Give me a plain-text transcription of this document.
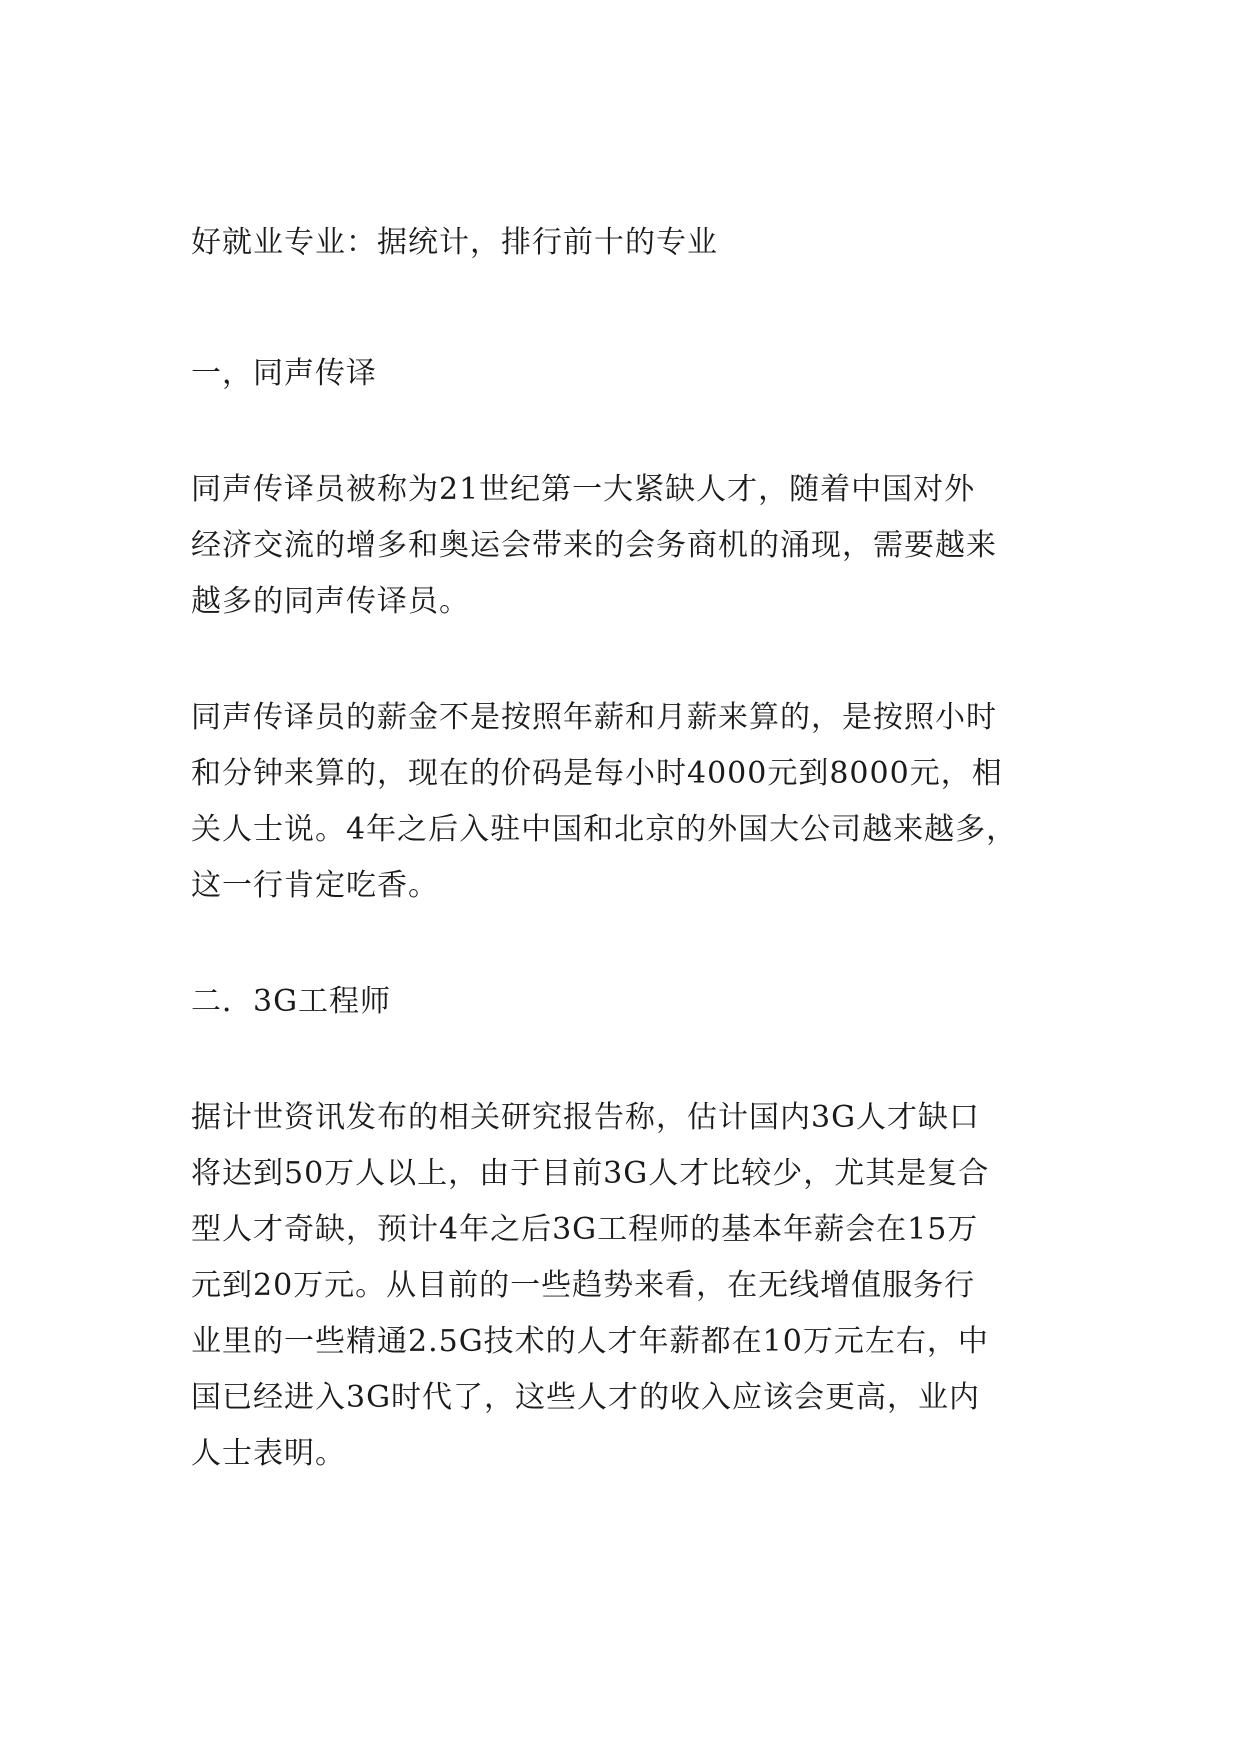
好就业专业：据统计，排行前十的专业

一，同声传译

同声传译员被称为21世纪第一大紧缺人才，随着中国对外
经济交流的增多和奥运会带来的会务商机的涌现，需要越来
越多的同声传译员。

同声传译员的薪金不是按照年薪和月薪来算的，是按照小时
和分钟来算的，现在的价码是每小时4000元到8000元，相
关人士说。4年之后入驻中国和北京的外国大公司越来越多，
这一行肯定吃香。

二．3G工程师

据计世资讯发布的相关研究报告称，估计国内3G人才缺口
将达到50万人以上，由于目前3G人才比较少，尤其是复合
型人才奇缺，预计4年之后3G工程师的基本年薪会在15万
元到20万元。从目前的一些趋势来看，在无线增值服务行
业里的一些精通2.5G技术的人才年薪都在10万元左右，中
国已经进入3G时代了，这些人才的收入应该会更高，业内
人士表明。
